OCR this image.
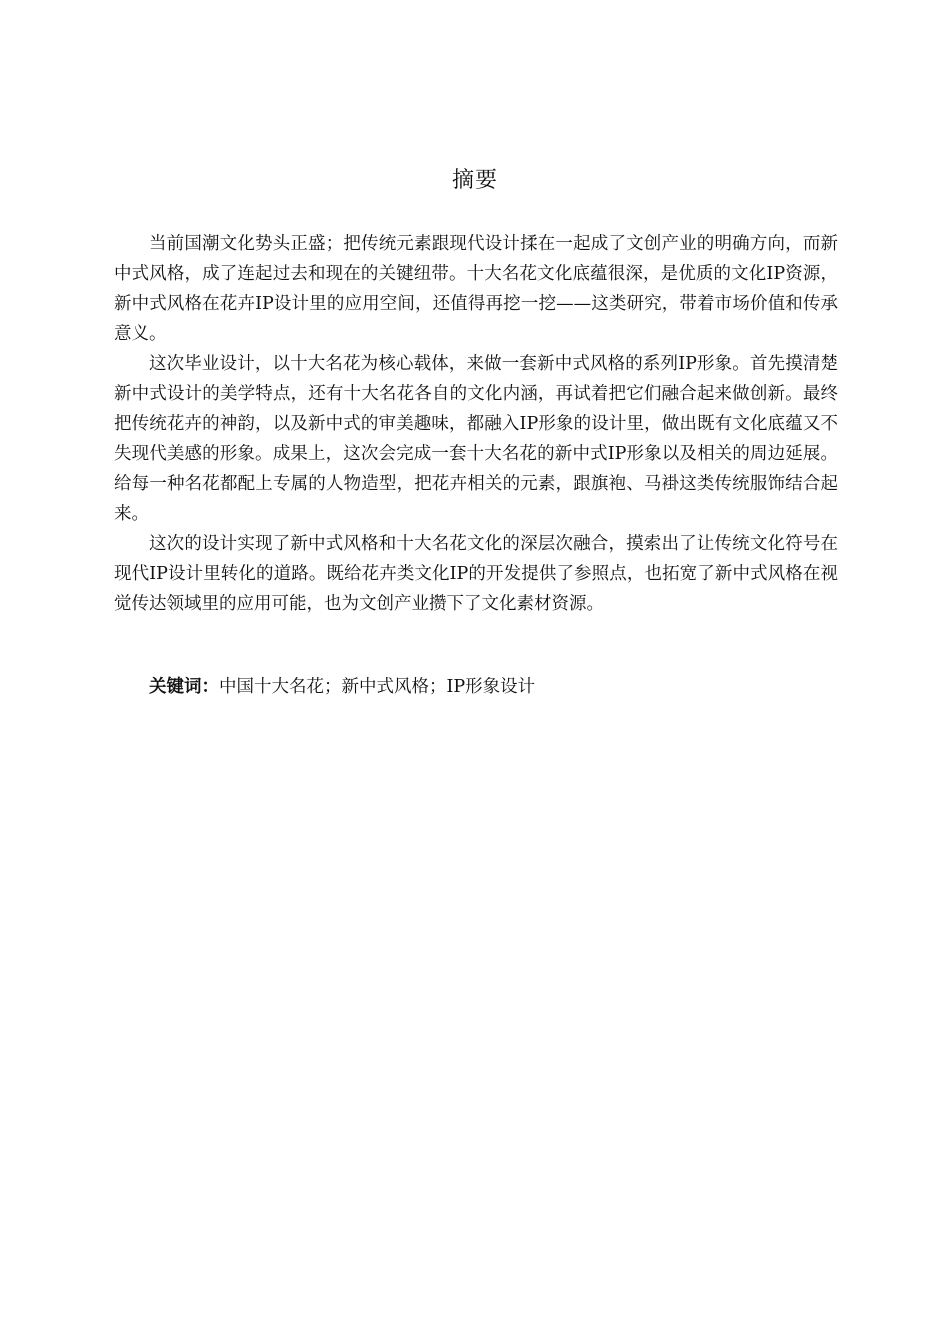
摘要

当前国潮文化势头正盛；把传统元素跟现代设计揉在一起成了文创产业的明确方向，而新中式风格，成了连起过去和现在的关键纽带。十大名花文化底蕴很深，是优质的文化IP资源，新中式风格在花卉IP设计里的应用空间，还值得再挖一挖——这类研究，带着市场价值和传承意义。

这次毕业设计，以十大名花为核心载体，来做一套新中式风格的系列IP形象。首先摸清楚新中式设计的美学特点，还有十大名花各自的文化内涵，再试着把它们融合起来做创新。最终把传统花卉的神韵，以及新中式的审美趣味，都融入IP形象的设计里，做出既有文化底蕴又不失现代美感的形象。成果上，这次会完成一套十大名花的新中式IP形象以及相关的周边延展。给每一种名花都配上专属的人物造型，把花卉相关的元素，跟旗袍、马褂这类传统服饰结合起来。

这次的设计实现了新中式风格和十大名花文化的深层次融合，摸索出了让传统文化符号在现代IP设计里转化的道路。既给花卉类文化IP的开发提供了参照点，也拓宽了新中式风格在视觉传达领域里的应用可能，也为文创产业攒下了文化素材资源。

关键词：中国十大名花；新中式风格；IP形象设计
